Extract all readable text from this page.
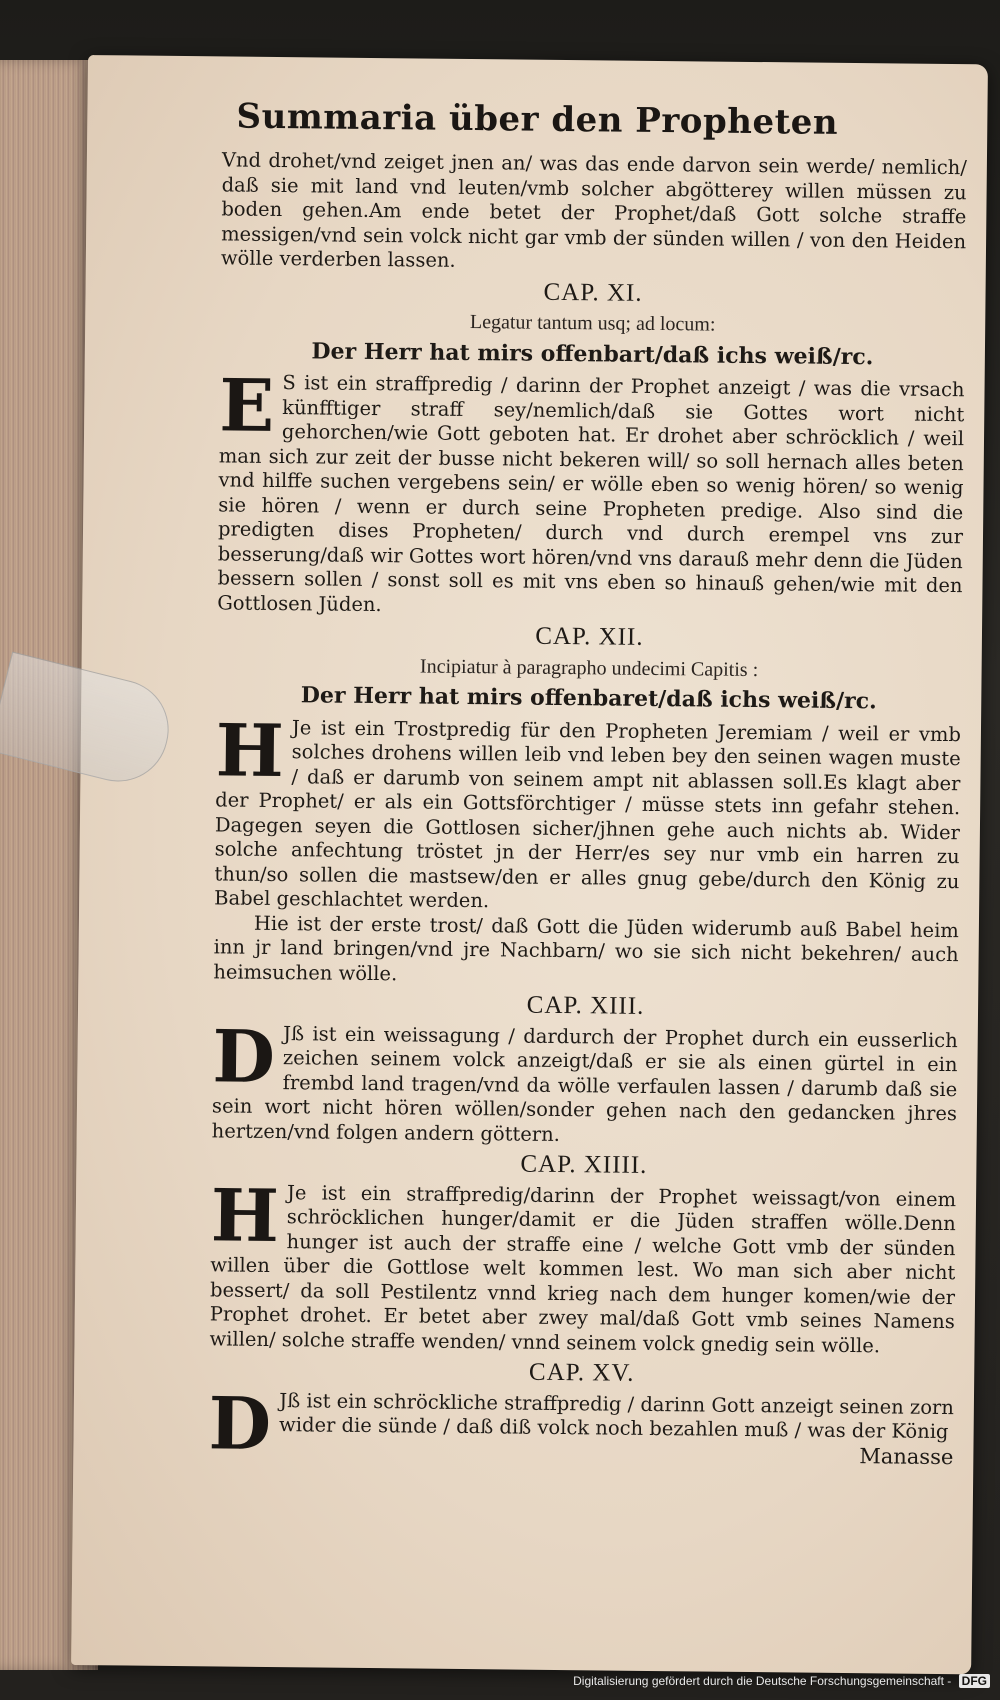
Summaria über den Propheten

Vnd drohet/vnd zeiget jnen an/ was das ende darvon sein werde/ nemlich/ daß sie mit land vnd leuten/vmb solcher abgötterey willen müssen zu boden gehen.Am ende betet der Prophet/daß Gott solche straffe messigen/vnd sein volck nicht gar vmb der sünden willen / von den Heiden wölle verderben lassen.

CAP. XI.
Legatur tantum usq; ad locum:
Der Herr hat mirs offenbart/daß ichs weiß/rc.

E S ist ein straffpredig / darinn der Prophet anzeigt / was die vrsach künfftiger straff sey/nemlich/daß sie Gottes wort nicht gehorchen/wie Gott geboten hat. Er drohet aber schröcklich / weil man sich zur zeit der busse nicht bekeren will/ so soll hernach alles beten vnd hilffe suchen vergebens sein/ er wölle eben so wenig hören/ so wenig sie hören / wenn er durch seine Propheten predige. Also sind die predigten dises Propheten/ durch vnd durch erempel vns zur besserung/daß wir Gottes wort hören/vnd vns darauß mehr denn die Jüden bessern sollen / sonst soll es mit vns eben so hinauß gehen/wie mit den Gottlosen Jüden.

CAP. XII.
Incipiatur à paragrapho undecimi Capitis :
Der Herr hat mirs offenbaret/daß ichs weiß/rc.

H Je ist ein Trostpredig für den Propheten Jeremiam / weil er vmb solches drohens willen leib vnd leben bey den seinen wagen muste / daß er darumb von seinem ampt nit ablassen soll.Es klagt aber der Prophet/ er als ein Gottsförchtiger / müsse stets inn gefahr stehen. Dagegen seyen die Gottlosen sicher/jhnen gehe auch nichts ab. Wider solche anfechtung tröstet jn der Herr/es sey nur vmb ein harren zu thun/so sollen die mastsew/den er alles gnug gebe/durch den König zu Babel geschlachtet werden.

Hie ist der erste trost/ daß Gott die Jüden widerumb auß Babel heim inn jr land bringen/vnd jre Nachbarn/ wo sie sich nicht bekehren/ auch heimsuchen wölle.

CAP. XIII.

D Jß ist ein weissagung / dardurch der Prophet durch ein eusserlich zeichen seinem volck anzeigt/daß er sie als einen gürtel in ein frembd land tragen/vnd da wölle verfaulen lassen / darumb daß sie sein wort nicht hören wöllen/sonder gehen nach den gedancken jhres hertzen/vnd folgen andern göttern.

CAP. XIIII.

H Je ist ein straffpredig/darinn der Prophet weissagt/von einem schröcklichen hunger/damit er die Jüden straffen wölle.Denn hunger ist auch der straffe eine / welche Gott vmb der sünden willen über die Gottlose welt kommen lest. Wo man sich aber nicht bessert/ da soll Pestilentz vnnd krieg nach dem hunger komen/wie der Prophet drohet. Er betet aber zwey mal/daß Gott vmb seines Namens willen/ solche straffe wenden/ vnnd seinem volck gnedig sein wölle.

CAP. XV.

D Jß ist ein schröckliche straffpredig / darinn Gott anzeigt seinen zorn wider die sünde / daß diß volck noch bezahlen muß / was der König

Manasse
Digitalisierung gefördert durch die Deutsche Forschungsgemeinschaft - DFG
